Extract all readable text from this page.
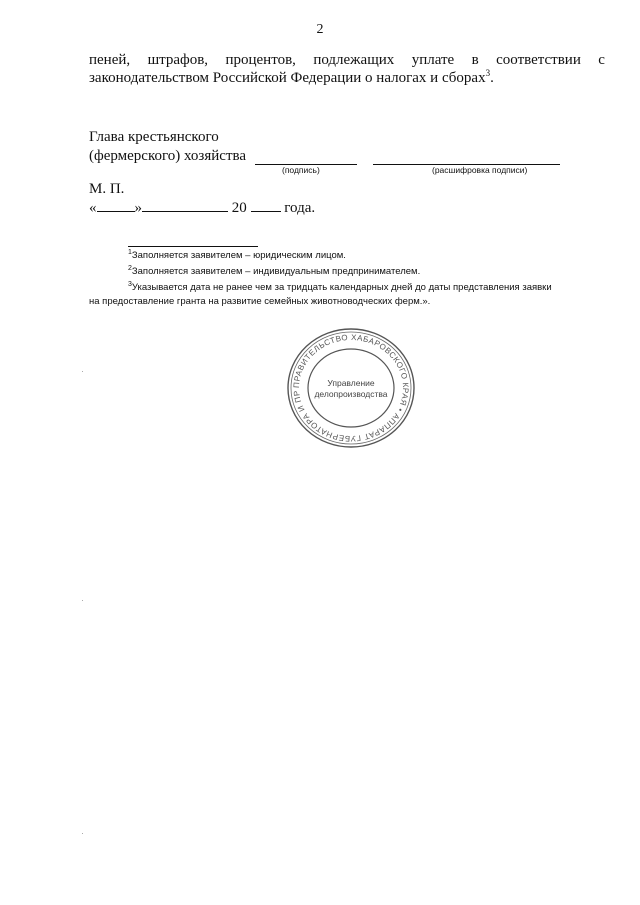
2
пеней, штрафов, процентов, подлежащих уплате в соответствии с
законодательством Российской Федерации о налогах и сборах$^3$.
Глава крестьянского
(фермерского) хозяйства
(подпись)	(расшифровка подписи)
М. П.
«	»	20	года.
$^1$Заполняется заявителем – юридическим лицом.
$^2$Заполняется заявителем – индивидуальным предпринимателем.
$^3$Указывается дата не ранее чем за тридцать календарных дней до даты представления заявки
на предоставление гранта на развитие семейных животноводческих ферм.».
ПРАВИТЕЛЬСТВО ХАБАРОВСКОГО КРАЯ • АППАРАТ ГУБЕРНАТОРА И ПР
Управление
делопроизводства
